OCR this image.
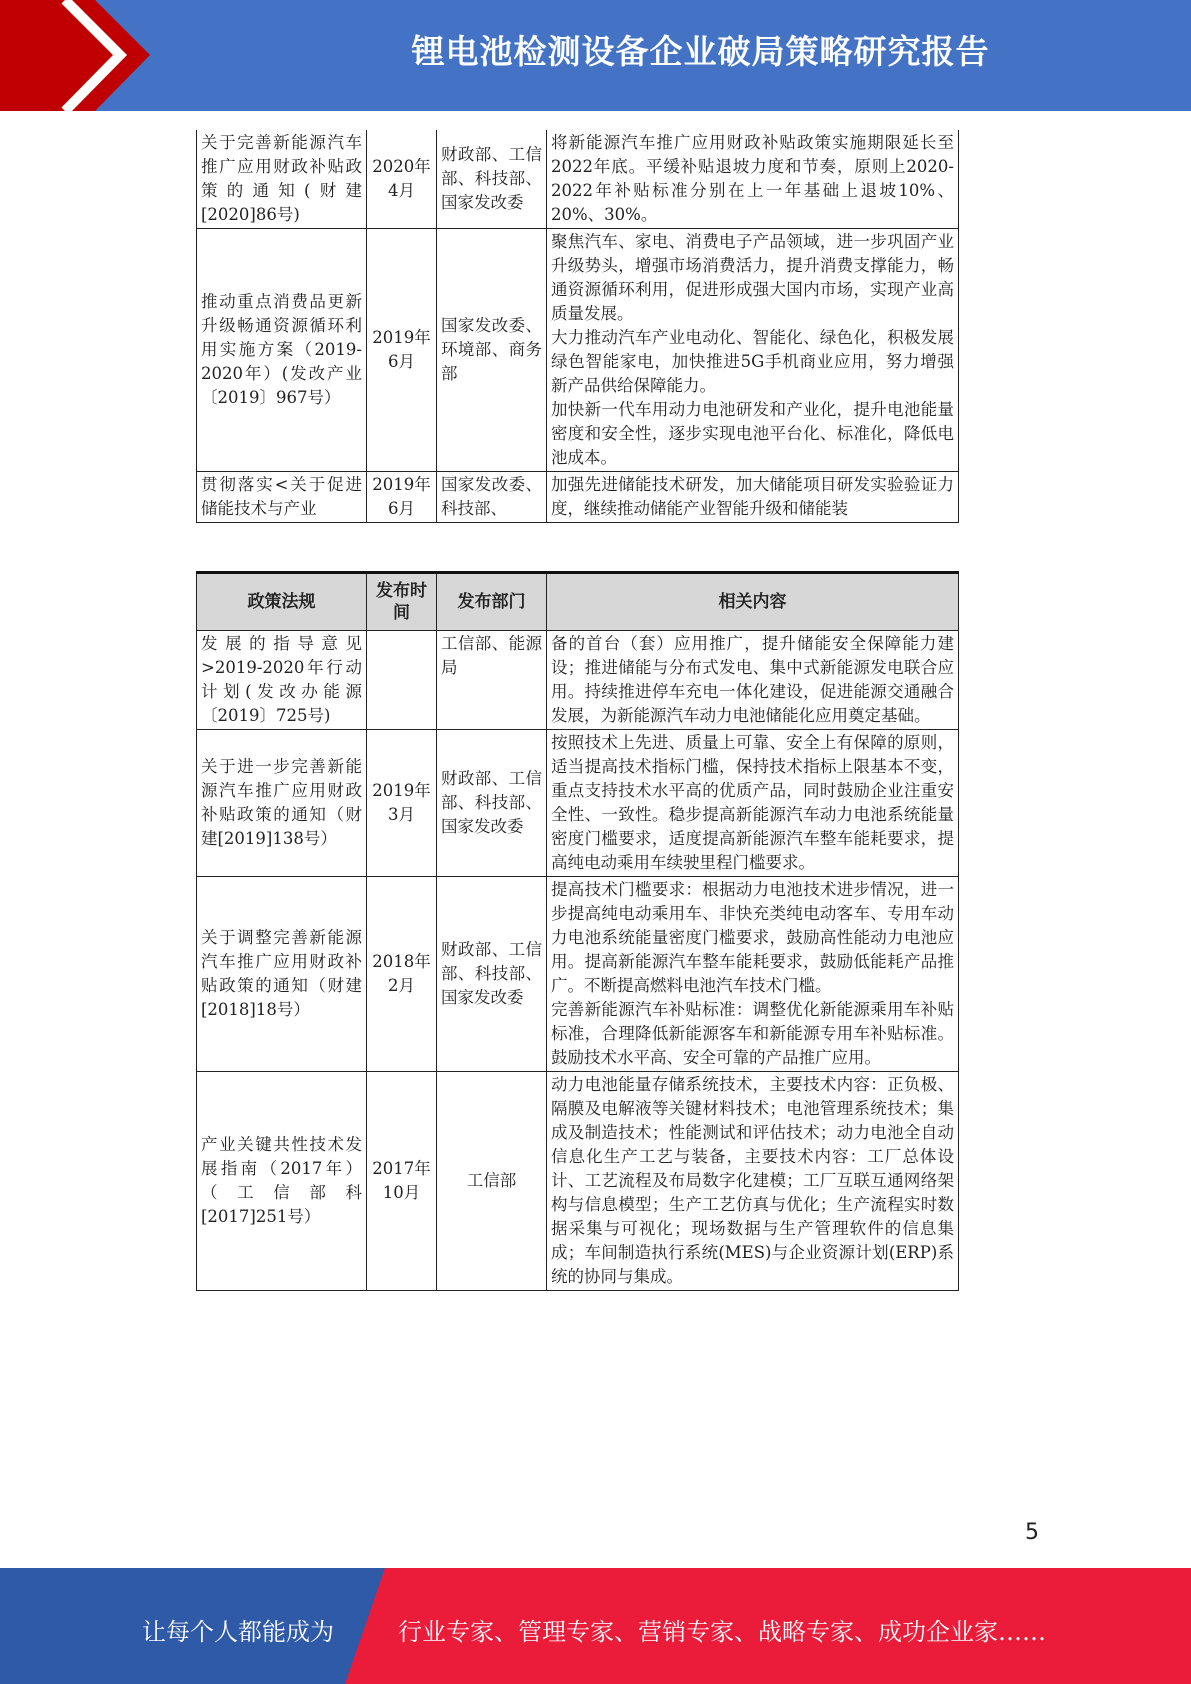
锂电池检测设备企业破局策略研究报告
关于完善新能源汽车推广应用财政补贴政策的通知(财建[2020]86号)	2020年4月	财政部、工信部、科技部、国家发改委	将新能源汽车推广应用财政补贴政策实施期限延长至2022年底。平缓补贴退坡力度和节奏，原则上2020-2022年补贴标准分别在上一年基础上退坡10%、20%、30%。

推动重点消费品更新升级畅通资源循环利用实施方案（2019-2020年）(发改产业〔2019〕967号）	2019年6月	国家发改委、环境部、商务部	聚焦汽车、家电、消费电子产品领域，进一步巩固产业升级势头，增强市场消费活力，提升消费支撑能力，畅通资源循环利用，促进形成强大国内市场，实现产业高质量发展。
大力推动汽车产业电动化、智能化、绿色化，积极发展绿色智能家电，加快推进5G手机商业应用，努力增强新产品供给保障能力。
加快新一代车用动力电池研发和产业化，提升电池能量密度和安全性，逐步实现电池平台化、标准化，降低电池成本。

贯彻落实<关于促进储能技术与产业	2019年6月	国家发改委、科技部、	加强先进储能技术研发，加大储能项目研发实验验证力度，继续推动储能产业智能升级和储能装
政策法规	发布时间	发布部门	相关内容
发展的指导意见>2019-2020年行动计划(发改办能源〔2019〕725号)		工信部、能源局	备的首台（套）应用推广，提升储能安全保障能力建设；推进储能与分布式发电、集中式新能源发电联合应用。持续推进停车充电一体化建设，促进能源交通融合发展，为新能源汽车动力电池储能化应用奠定基础。

关于进一步完善新能源汽车推广应用财政补贴政策的通知（财建[2019]138号）	2019年3月	财政部、工信部、科技部、国家发改委	按照技术上先进、质量上可靠、安全上有保障的原则，适当提高技术指标门槛，保持技术指标上限基本不变，重点支持技术水平高的优质产品，同时鼓励企业注重安全性、一致性。稳步提高新能源汽车动力电池系统能量密度门槛要求，适度提高新能源汽车整车能耗要求，提高纯电动乘用车续驶里程门槛要求。

关于调整完善新能源汽车推广应用财政补贴政策的通知（财建[2018]18号）	2018年2月	财政部、工信部、科技部、国家发改委	提高技术门槛要求：根据动力电池技术进步情况，进一步提高纯电动乘用车、非快充类纯电动客车、专用车动力电池系统能量密度门槛要求，鼓励高性能动力电池应用。提高新能源汽车整车能耗要求，鼓励低能耗产品推广。不断提高燃料电池汽车技术门槛。
完善新能源汽车补贴标准：调整优化新能源乘用车补贴标准，合理降低新能源客车和新能源专用车补贴标准。鼓励技术水平高、安全可靠的产品推广应用。

产业关键共性技术发展指南（2017年）（工信部科[2017]251号）	2017年10月	工信部	动力电池能量存储系统技术，主要技术内容：正负极、隔膜及电解液等关键材料技术；电池管理系统技术；集成及制造技术；性能测试和评估技术；动力电池全自动信息化生产工艺与装备，主要技术内容：工厂总体设计、工艺流程及布局数字化建模；工厂互联互通网络架构与信息模型；生产工艺仿真与优化；生产流程实时数据采集与可视化；现场数据与生产管理软件的信息集成；车间制造执行系统(MES)与企业资源计划(ERP)系统的协同与集成。
5
让每个人都能成为	行业专家、管理专家、营销专家、战略专家、成功企业家……
